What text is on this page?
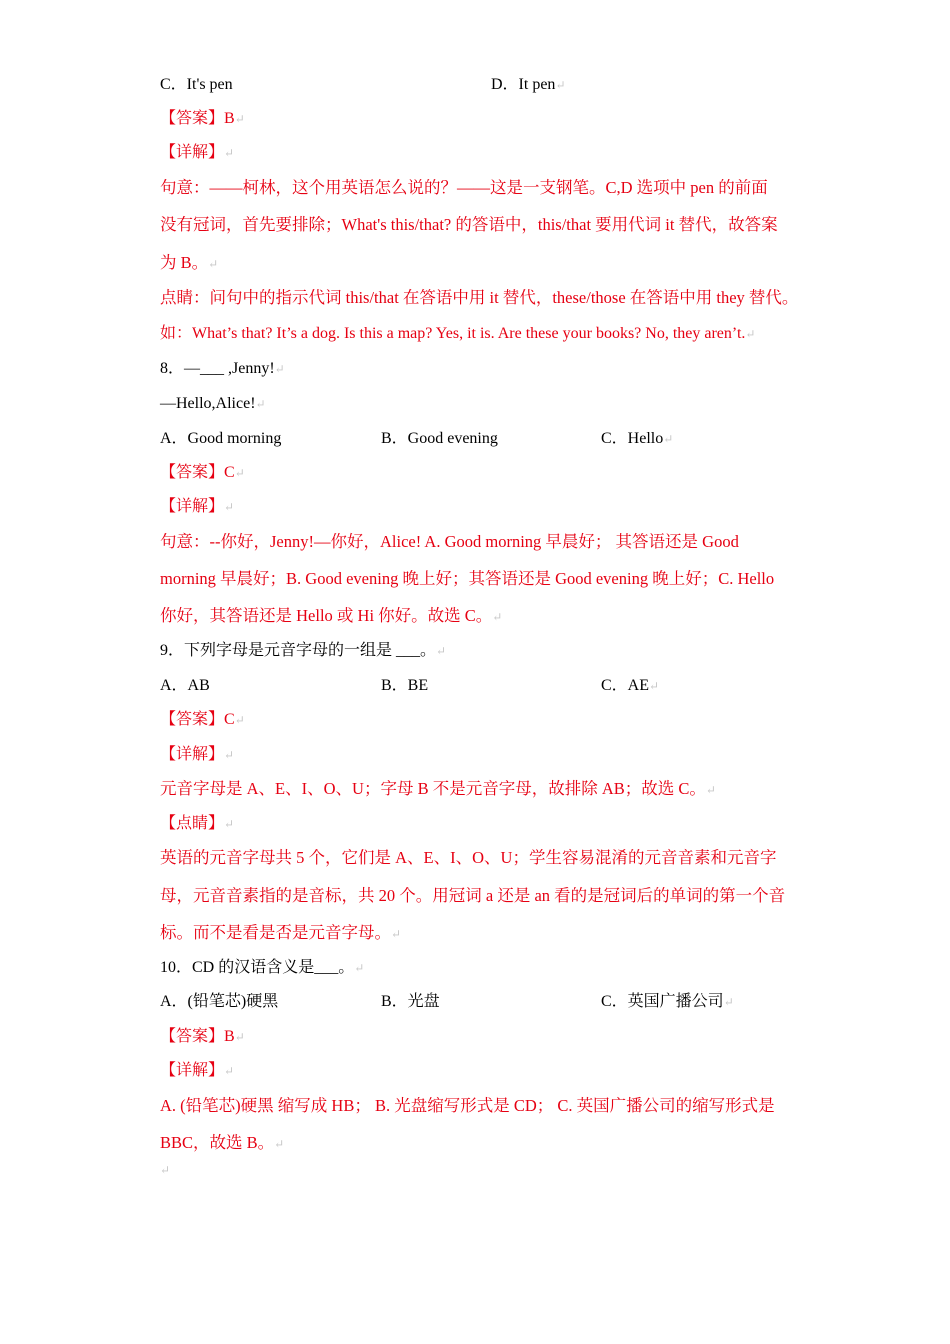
C．It's pen	D．It pen↵
【答案】B↵
【详解】↵
句意：——柯林，这个用英语怎么说的？——这是一支钢笔。C,D 选项中 pen 的前面
没有冠词，首先要排除；What's this/that? 的答语中，this/that 要用代词 it 替代，故答案
为 B。↵
点睛：问句中的指示代词 this/that 在答语中用 it 替代，these/those 在答语中用 they 替代。
如：What’s that? It’s a dog. Is this a map? Yes, it is. Are these your books? No, they aren’t.↵
8．—___ ,Jenny!↵
—Hello,Alice!↵
A．Good morning	B．Good evening	C．Hello↵
【答案】C↵
【详解】↵
句意：--你好，Jenny!—你好，Alice! A. Good morning 早晨好； 其答语还是 Good
morning 早晨好；B. Good evening 晚上好；其答语还是 Good evening 晚上好；C. Hello
你好，其答语还是 Hello 或 Hi 你好。故选 C。↵
9．下列字母是元音字母的一组是 ___。↵
A．AB	B．BE	C．AE↵
【答案】C↵
【详解】↵
元音字母是 A、E、I、O、U；字母 B 不是元音字母，故排除 AB；故选 C。↵
【点睛】↵
英语的元音字母共 5 个，它们是 A、E、I、O、U；学生容易混淆的元音音素和元音字
母，元音音素指的是音标，共 20 个。用冠词 a 还是 an 看的是冠词后的单词的第一个音
标。而不是看是否是元音字母。↵
10．CD 的汉语含义是___。↵
A．(铅笔芯)硬黑	B．光盘	C．英国广播公司↵
【答案】B↵
【详解】↵
A. (铅笔芯)硬黑 缩写成 HB； B. 光盘缩写形式是 CD； C. 英国广播公司的缩写形式是
BBC，故选 B。↵
↵
